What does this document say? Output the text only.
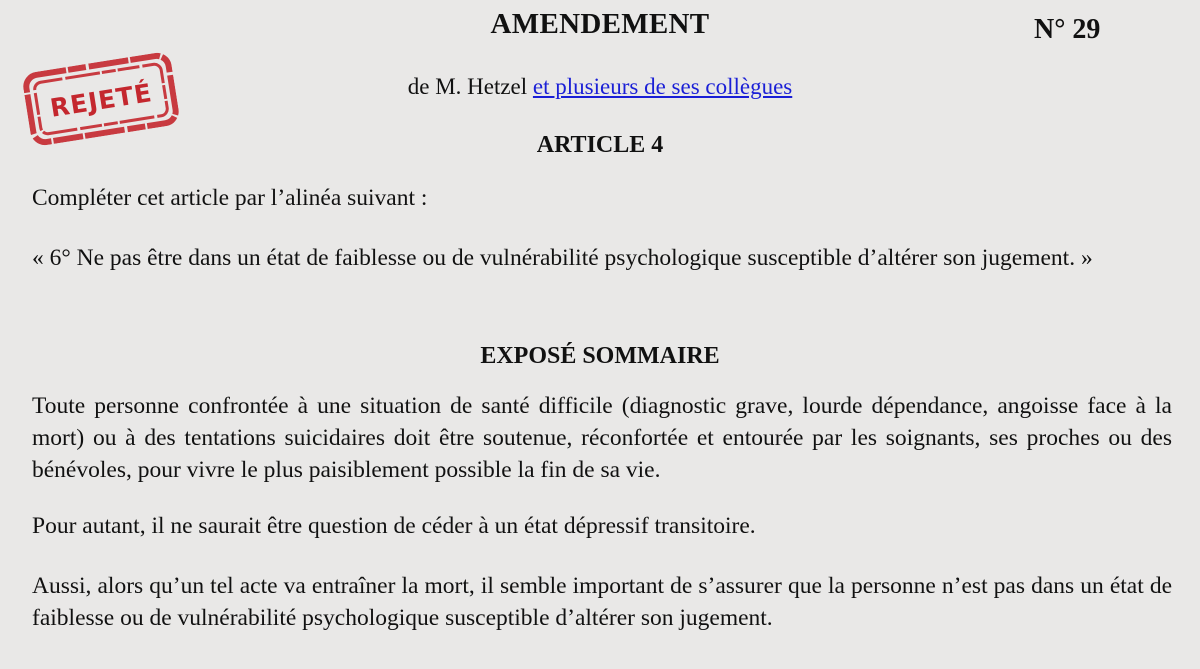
AMENDEMENT	N° 29
REJETÉ	de M. Hetzel et plusieurs de ses collègues

ARTICLE 4

Compléter cet article par l’alinéa suivant :

« 6° Ne pas être dans un état de faiblesse ou de vulnérabilité psychologique susceptible d’altérer son jugement. »

EXPOSÉ SOMMAIRE

Toute personne confrontée à une situation de santé difficile (diagnostic grave, lourde dépendance, angoisse face à la mort) ou à des tentations suicidaires doit être soutenue, réconfortée et entourée par les soignants, ses proches ou des bénévoles, pour vivre le plus paisiblement possible la fin de sa vie.

Pour autant, il ne saurait être question de céder à un état dépressif transitoire.

Aussi, alors qu’un tel acte va entraîner la mort, il semble important de s’assurer que la personne n’est pas dans un état de faiblesse ou de vulnérabilité psychologique susceptible d’altérer son jugement.
